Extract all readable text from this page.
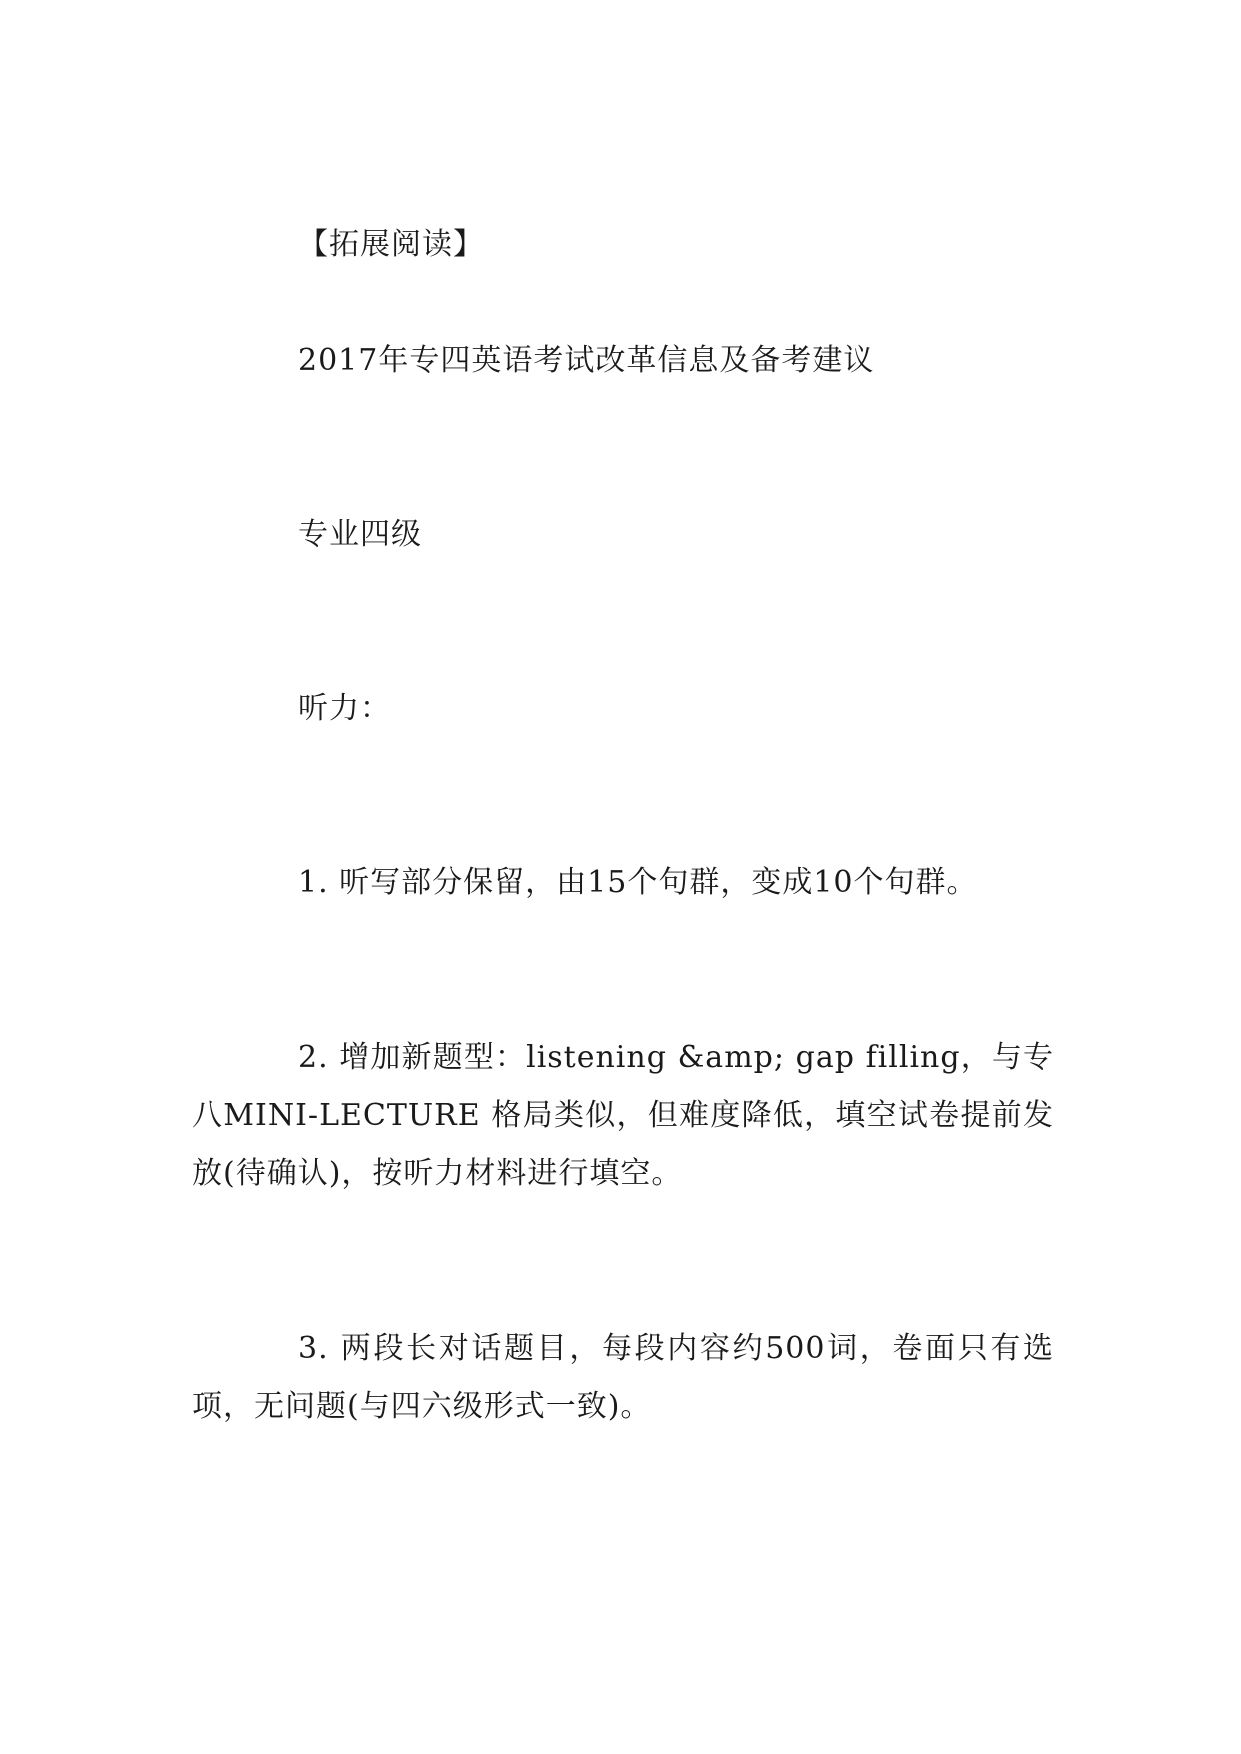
【拓展阅读】
2017年专四英语考试改革信息及备考建议
专业四级
听力：
1. 听写部分保留，由15个句群，变成10个句群。
2. 增加新题型：listening &amp; gap filling，与专八MINI-LECTURE 格局类似，但难度降低，填空试卷提前发放(待确认)，按听力材料进行填空。
3. 两段长对话题目，每段内容约500词，卷面只有选项，无问题(与四六级形式一致)。
